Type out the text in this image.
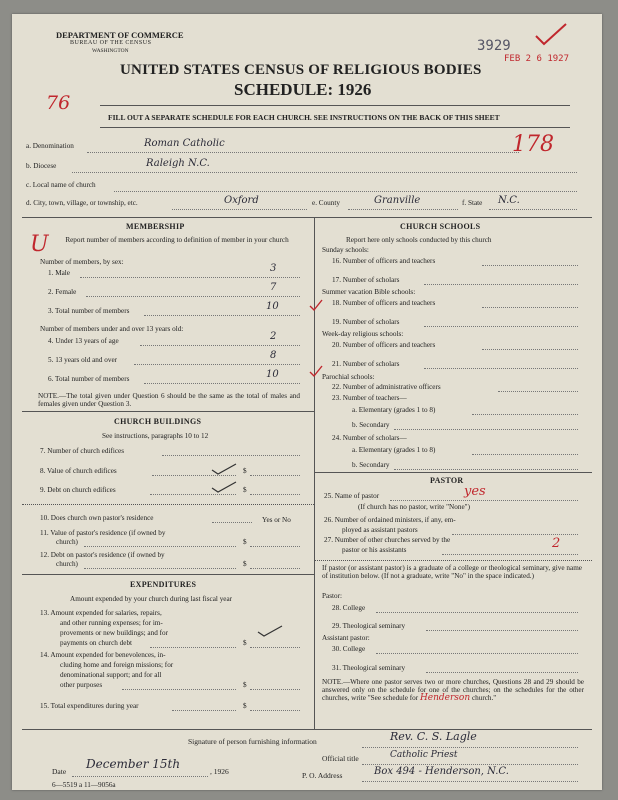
DEPARTMENT OF COMMERCE
BUREAU OF THE CENSUS
WASHINGTON	3929
FEB 2 6 1927
UNITED STATES CENSUS OF RELIGIOUS BODIES
SCHEDULE: 1926
76
FILL OUT A SEPARATE SCHEDULE FOR EACH CHURCH. SEE INSTRUCTIONS ON THE BACK OF THIS SHEET
a. Denomination	Roman Catholic	178
b. Diocese	Raleigh N.C.
c. Local name of church
d. City, town, village, or township, etc.	Oxford	e. County	Granville	f. State N.C.
MEMBERSHIP
U Report number of members according to definition of member in your church
Number of members, by sex:
1. Male	3
2. Female	7
3. Total number of members	10
Number of members under and over 13 years old:
4. Under 13 years of age	2
5. 13 years old and over	8
6. Total number of members	10
NOTE.—The total given under Question 6 should be the same as the total of males and females given under Question 3.
CHURCH BUILDINGS
See instructions, paragraphs 10 to 12
7. Number of church edifices
8. Value of church edifices	$
9. Debt on church edifices	$
10. Does church own pastor's residence	Yes or No
11. Value of pastor's residence (if owned by
church)	$
12. Debt on pastor's residence (if owned by
church)	$
EXPENDITURES
Amount expended by your church during last fiscal year
13. Amount expended for salaries, repairs,
and other running expenses; for im-
provements or new buildings; and for
payments on church debt	$
14. Amount expended for benevolences, in-
cluding home and foreign missions; for
denominational support; and for all
other purposes	$
15. Total expenditures during year	$
CHURCH SCHOOLS
Report here only schools conducted by this church
Sunday schools:
16. Number of officers and teachers
17. Number of scholars
Summer vacation Bible schools:
18. Number of officers and teachers
19. Number of scholars
Week-day religious schools:
20. Number of officers and teachers
21. Number of scholars
Parochial schools:
22. Number of administrative officers
23. Number of teachers—
a. Elementary (grades 1 to 8)
b. Secondary
24. Number of scholars—
a. Elementary (grades 1 to 8)
b. Secondary
PASTOR
25. Name of pastor	yes
(If church has no pastor, write "None")
26. Number of ordained ministers, if any, em-
ployed as assistant pastors
27. Number of other churches served by the
pastor or his assistants	2
If pastor (or assistant pastor) is a graduate of a college or theological seminary, give name of institution below. (If not a graduate, write "No" in the space indicated.)
Pastor:
28. College
29. Theological seminary
Assistant pastor:
30. College
31. Theological seminary
NOTE.—Where one pastor serves two or more churches, Questions 28 and 29 should be answered only on the schedule for one of the churches; on the schedules for the other churches, write "See schedule for Henderson church."
Signature of person furnishing information	Rev. C. S. Lagle
Official title	Catholic Priest
Date
December 15th
, 1926	P. O. Address	Box 494 - Henderson, N.C.
6—5519 a 11—9056a
